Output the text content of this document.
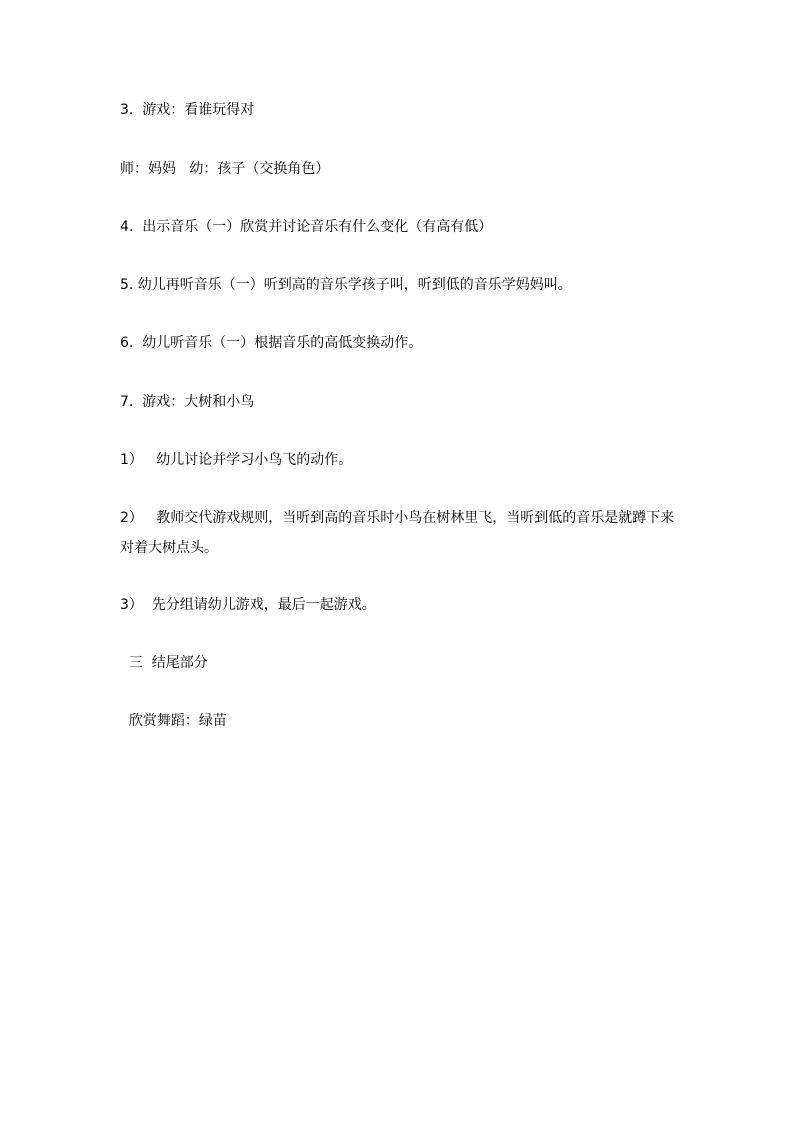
3.  游戏：看谁玩得对

师：妈妈   幼：孩子（交换角色）

4.  出示音乐（一）欣赏并讨论音乐有什么变化（有高有低）

5. 幼儿再听音乐（一）听到高的音乐学孩子叫，听到低的音乐学妈妈叫。

6.  幼儿听音乐（一）根据音乐的高低变换动作。

7.  游戏：大树和小鸟

1）   幼儿讨论并学习小鸟飞的动作。

2）   教师交代游戏规则，当听到高的音乐时小鸟在树林里飞，当听到低的音乐是就蹲下来

对着大树点头。

3）  先分组请幼儿游戏，最后一起游戏。

三  结尾部分

欣赏舞蹈：绿苗
